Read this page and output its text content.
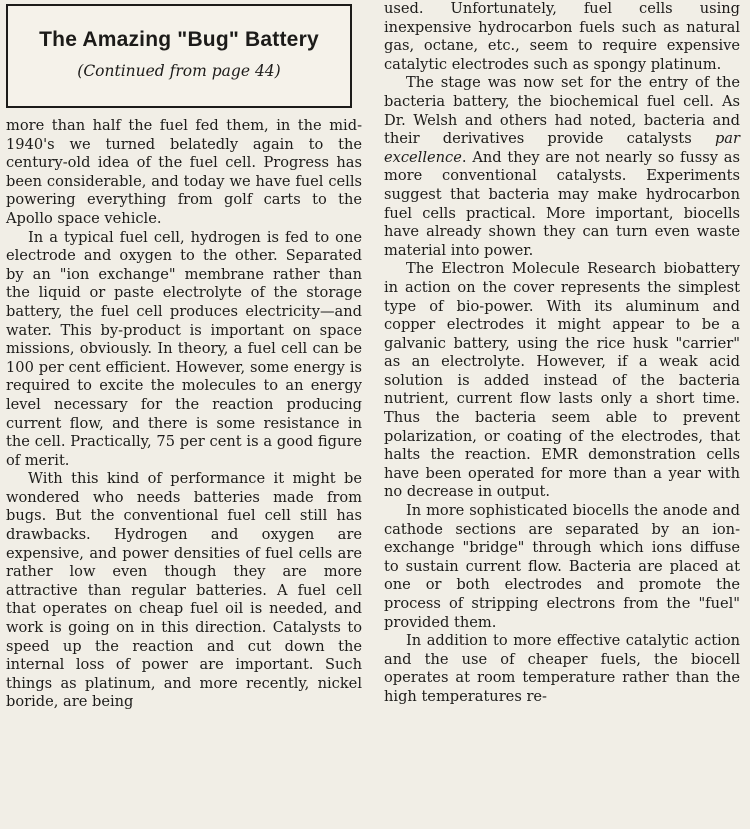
The Amazing "Bug" Battery
(Continued from page 44)

more than half the fuel fed them, in the mid-1940's we turned belatedly again to the century-old idea of the fuel cell. Progress has been considerable, and today we have fuel cells powering everything from golf carts to the Apollo space vehicle.

In a typical fuel cell, hydrogen is fed to one electrode and oxygen to the other. Separated by an "ion exchange" membrane rather than the liquid or paste electrolyte of the storage battery, the fuel cell produces electricity—and water. This by-product is important on space missions, obviously. In theory, a fuel cell can be 100 per cent efficient. However, some energy is required to excite the molecules to an energy level necessary for the reaction producing current flow, and there is some resistance in the cell. Practically, 75 per cent is a good figure of merit.

With this kind of performance it might be wondered who needs batteries made from bugs. But the conventional fuel cell still has drawbacks. Hydrogen and oxygen are expensive, and power densities of fuel cells are rather low even though they are more attractive than regular batteries. A fuel cell that operates on cheap fuel oil is needed, and work is going on in this direction. Catalysts to speed up the reaction and cut down the internal loss of power are important. Such things as platinum, and more recently, nickel boride, are being

used. Unfortunately, fuel cells using inexpensive hydrocarbon fuels such as natural gas, octane, etc., seem to require expensive catalytic electrodes such as spongy platinum.

The stage was now set for the entry of the bacteria battery, the biochemical fuel cell. As Dr. Welsh and others had noted, bacteria and their derivatives provide catalysts par excellence. And they are not nearly so fussy as more conventional catalysts. Experiments suggest that bacteria may make hydrocarbon fuel cells practical. More important, biocells have already shown they can turn even waste material into power.

The Electron Molecule Research biobattery in action on the cover represents the simplest type of bio-power. With its aluminum and copper electrodes it might appear to be a galvanic battery, using the rice husk "carrier" as an electrolyte. However, if a weak acid solution is added instead of the bacteria nutrient, current flow lasts only a short time. Thus the bacteria seem able to prevent polarization, or coating of the electrodes, that halts the reaction. EMR demonstration cells have been operated for more than a year with no decrease in output.

In more sophisticated biocells the anode and cathode sections are separated by an ion-exchange "bridge" through which ions diffuse to sustain current flow. Bacteria are placed at one or both electrodes and promote the process of stripping electrons from the "fuel" provided them.

In addition to more effective catalytic action and the use of cheaper fuels, the biocell operates at room temperature rather than the high temperatures re-
